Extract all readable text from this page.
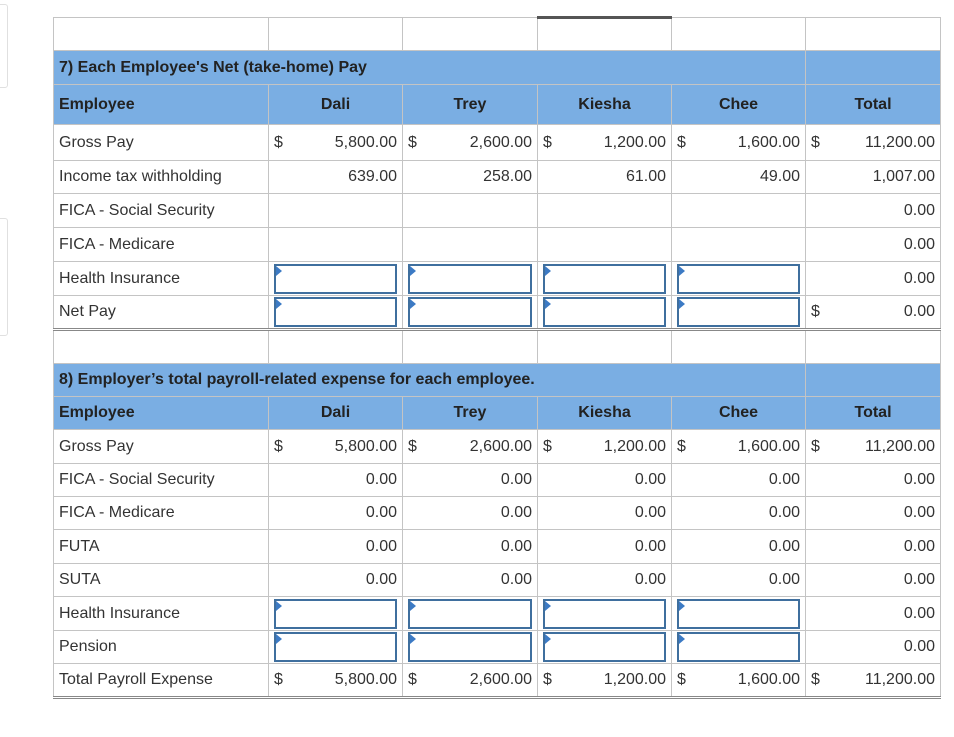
7) Each Employee's Net (take-home) Pay					
Employee	Dali	Trey	Kiesha	Chee	Total
Gross Pay	$ 5,800.00	$ 2,600.00	$ 1,200.00	$ 1,600.00	$ 11,200.00

Income tax withholding	639.00	258.00	61.00	49.00	1,007.00
FICA - Social Security					0.00
FICA - Medicare					0.00
Health Insurance					0.00
Net Pay					$ 0.00

8) Employer’s total payroll-related expense for each employee.					
Employee	Dali	Trey	Kiesha	Chee	Total
Gross Pay	$ 5,800.00	$ 2,600.00	$ 1,200.00	$ 1,600.00	$ 11,200.00

FICA - Social Security	0.00	0.00	0.00	0.00	0.00
FICA - Medicare	0.00	0.00	0.00	0.00	0.00
FUTA	0.00	0.00	0.00	0.00	0.00
SUTA	0.00	0.00	0.00	0.00	0.00
Health Insurance					0.00
Pension					0.00
Total Payroll Expense	$ 5,800.00	$ 2,600.00	$ 1,200.00	$ 1,600.00	$ 11,200.00
